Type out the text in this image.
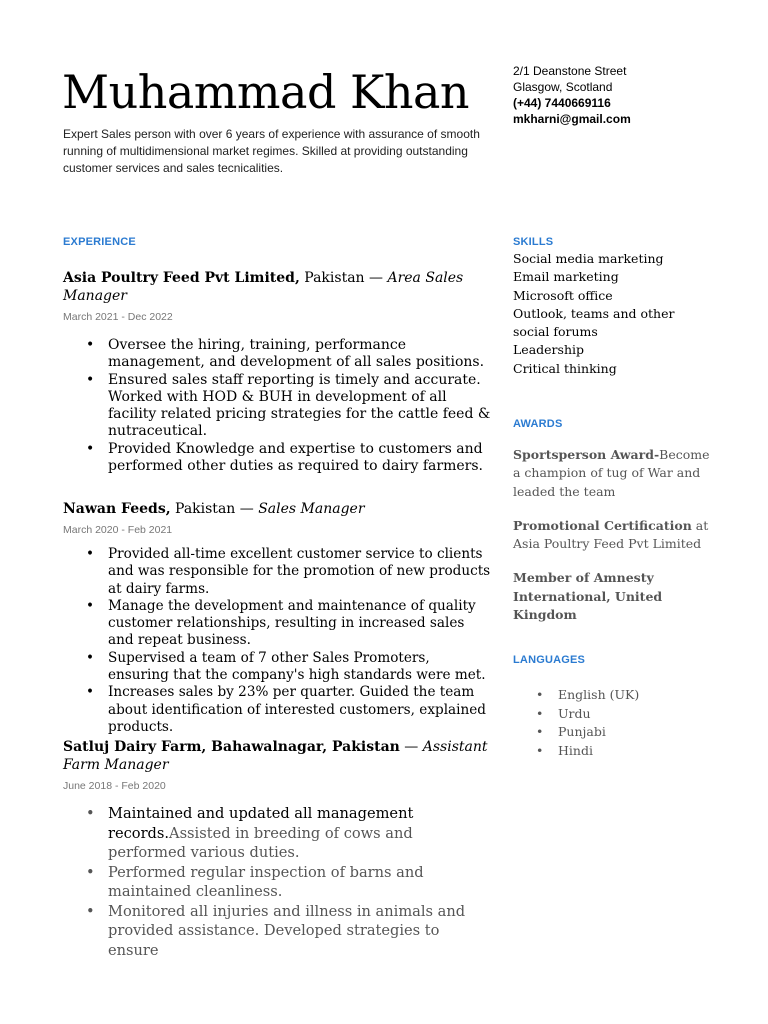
Muhammad Khan
Expert Sales person with over 6 years of experience with assurance of smooth running of multidimensional market regimes. Skilled at providing outstanding customer services and sales tecnicalities.
2/1 Deanstone Street
Glasgow, Scotland
(+44) 7440669116
mkharni@gmail.com
EXPERIENCE
Asia Poultry Feed Pvt Limited, Pakistan — Area Sales Manager
March 2021 - Dec 2022
• Oversee the hiring, training, performance management, and development of all sales positions.
• Ensured sales staff reporting is timely and accurate. Worked with HOD & BUH in development of all facility related pricing strategies for the cattle feed & nutraceutical.
• Provided Knowledge and expertise to customers and performed other duties as required to dairy farmers.
Nawan Feeds, Pakistan — Sales Manager
March 2020 - Feb 2021
• Provided all-time excellent customer service to clients and was responsible for the promotion of new products at dairy farms.
• Manage the development and maintenance of quality customer relationships, resulting in increased sales and repeat business.
• Supervised a team of 7 other Sales Promoters, ensuring that the company's high standards were met.
• Increases sales by 23% per quarter. Guided the team about identification of interested customers, explained products.
Satluj Dairy Farm, Bahawalnagar, Pakistan — Assistant Farm Manager
June 2018 - Feb 2020
• Maintained and updated all management records.Assisted in breeding of cows and performed various duties.
• Performed regular inspection of barns and maintained cleanliness.
• Monitored all injuries and illness in animals and provided assistance. Developed strategies to ensure
SKILLS
Social media marketing
Email marketing
Microsoft office
Outlook, teams and other social forums
Leadership
Critical thinking
AWARDS
Sportsperson Award-Become a champion of tug of War and leaded the team
Promotional Certification at Asia Poultry Feed Pvt Limited
Member of Amnesty International, United Kingdom
LANGUAGES
• English (UK)
• Urdu
• Punjabi
• Hindi
